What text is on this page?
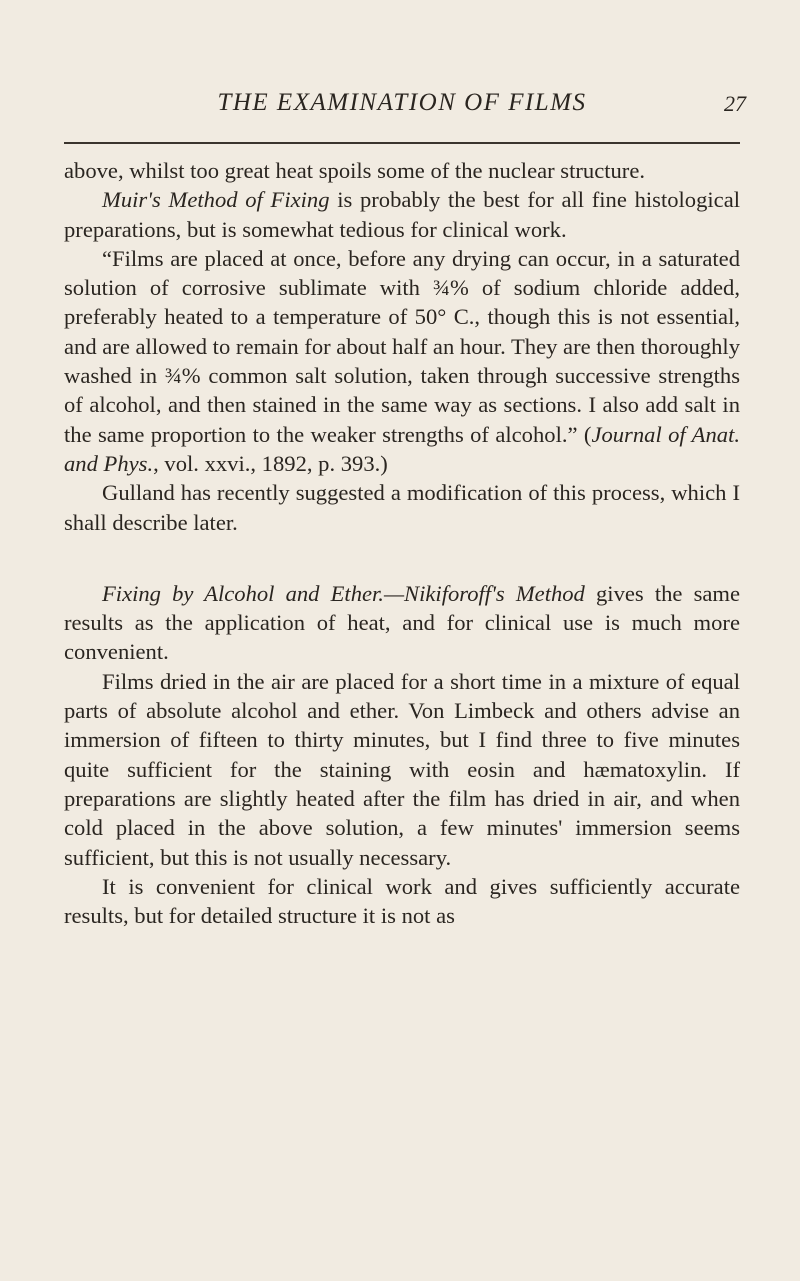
THE EXAMINATION OF FILMS	27

above, whilst too great heat spoils some of the nuclear structure.

Muir's Method of Fixing is probably the best for all fine histological preparations, but is somewhat tedious for clinical work.

“Films are placed at once, before any drying can occur, in a saturated solution of corrosive sublimate with ¾% of sodium chloride added, preferably heated to a temperature of 50° C., though this is not essential, and are allowed to remain for about half an hour. They are then thoroughly washed in ¾% common salt solution, taken through successive strengths of alcohol, and then stained in the same way as sections. I also add salt in the same proportion to the weaker strengths of alcohol.” (Journal of Anat. and Phys., vol. xxvi., 1892, p. 393.)

Gulland has recently suggested a modification of this process, which I shall describe later.

Fixing by Alcohol and Ether.—Nikiforoff's Method gives the same results as the application of heat, and for clinical use is much more convenient.

Films dried in the air are placed for a short time in a mixture of equal parts of absolute alcohol and ether. Von Limbeck and others advise an immersion of fifteen to thirty minutes, but I find three to five minutes quite sufficient for the staining with eosin and hæmatoxylin. If preparations are slightly heated after the film has dried in air, and when cold placed in the above solution, a few minutes' immersion seems sufficient, but this is not usually necessary.

It is convenient for clinical work and gives sufficiently accurate results, but for detailed structure it is not as
